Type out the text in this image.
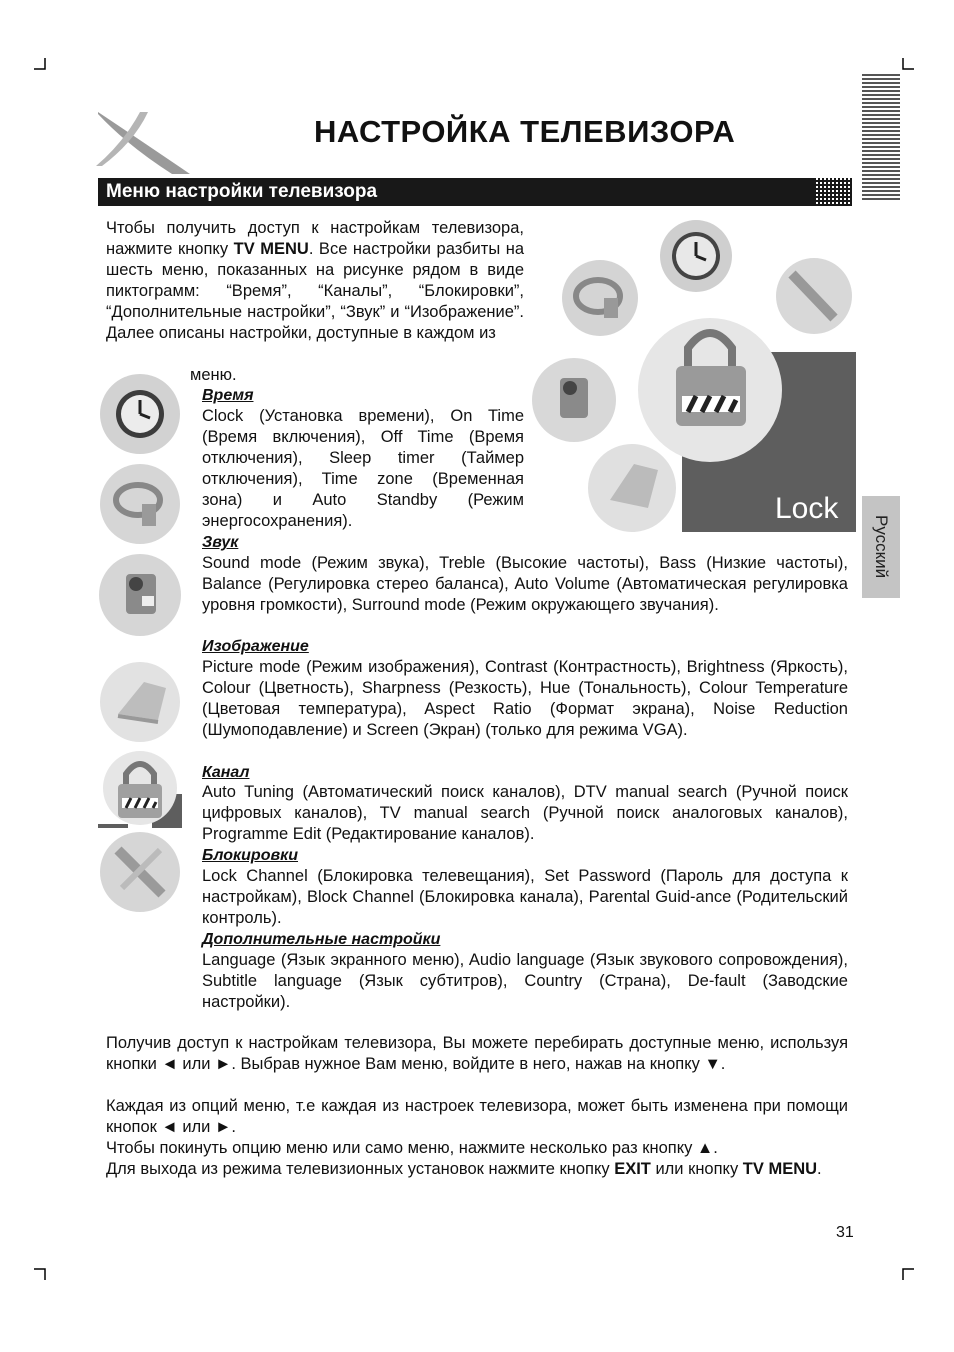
НАСТРОЙКА ТЕЛЕВИЗОРА
Меню настройки телевизора
Русский

Чтобы получить доступ к настройкам телевизора, нажмите кнопку TV MENU. Все настройки разбиты на шесть меню, показанных на рисунке рядом в виде пиктограмм: “Время”, “Каналы”, “Блокировки”, “Дополнительные настройки”, “Звук” и “Изображение”. Далее описаны настройки, доступные в каждом из

меню.
Lock
Время

Clock (Установка времени), On Time (Время включения), Off Time (Время отключения), Sleep timer (Таймер отключения), Time zone (Временная зона) и Auto Standby (Режим энергосохранения).

Звук

Sound mode (Режим звука), Treble (Высокие частоты), Bass (Низкие частоты), Balance (Регулировка стерео баланса), Auto Volume (Автоматическая регулировка уровня громкости), Surround mode (Режим окружающего звучания).

Изображение

Picture mode (Режим изображения), Contrast (Контрастность), Brightness (Яркость), Colour (Цветность), Sharpness (Резкость), Hue (Тональность), Colour Temperature (Цветовая температура), Aspect Ratio (Формат экрана), Noise Reduction (Шумоподавление) и Screen (Экран) (только для режима VGA).

Канал

Auto Tuning (Автоматический поиск каналов), DTV manual search (Ручной поиск цифровых каналов), TV manual search (Ручной поиск аналоговых каналов), Programme Edit (Редактирование каналов).

Блокировки

Lock Channel (Блокировка телевещания), Set Password (Пароль для доступа к настройкам), Block Channel (Блокировка канала), Parental Guid-ance (Родительский контроль).

Дополнительные настройки

Language (Язык экранного меню), Audio language (Язык звукового сопровождения), Subtitle language (Язык субтитров), Country (Страна), De-fault (Заводские настройки).

Получив доступ к настройкам телевизора, Вы можете перебирать доступные меню, используя кнопки ◄ или ►. Выбрав нужное Вам меню, войдите в него, нажав на кнопку ▼.

Каждая из опций меню, т.е каждая из настроек телевизора, может быть изменена при помощи кнопок ◄ или ►.

Чтобы покинуть опцию меню или само меню, нажмите несколько раз кнопку ▲.

Для выхода из режима телевизионных установок нажмите кнопку EXIT или кнопку TV MENU.

31
